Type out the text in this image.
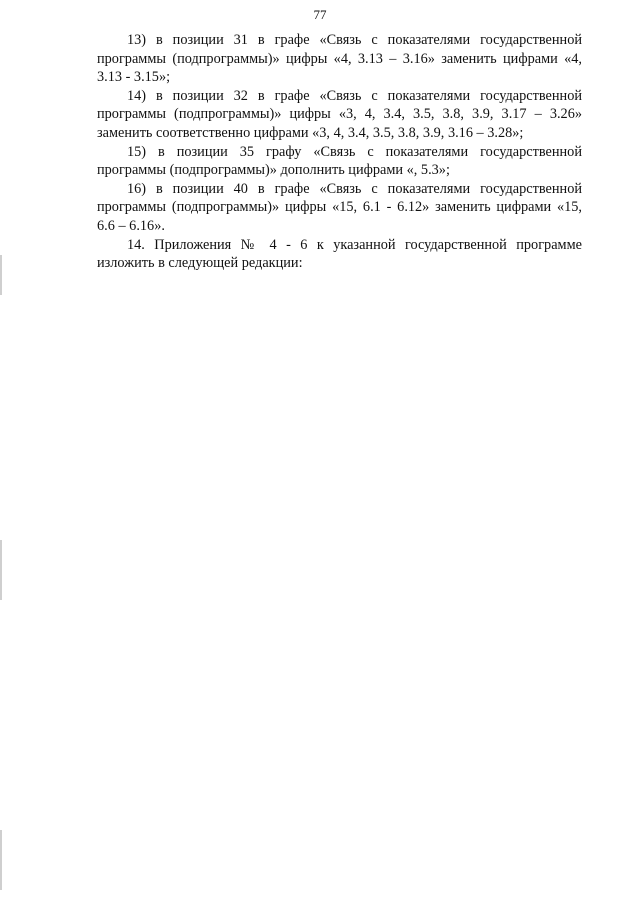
77

13) в позиции 31 в графе «Связь с показателями государственной программы (подпрограммы)» цифры «4, 3.13 – 3.16» заменить цифрами «4, 3.13 - 3.15»;

14) в позиции 32 в графе «Связь с показателями государственной программы (подпрограммы)» цифры «3, 4, 3.4, 3.5, 3.8, 3.9, 3.17 – 3.26» заменить соответственно цифрами «3, 4, 3.4, 3.5, 3.8, 3.9, 3.16 – 3.28»;

15) в позиции 35 графу «Связь с показателями государственной программы (подпрограммы)» дополнить цифрами «, 5.3»;

16) в позиции 40 в графе «Связь с показателями государственной программы (подпрограммы)» цифры «15, 6.1 - 6.12» заменить цифрами «15, 6.6 – 6.16».

14. Приложения № 4 - 6 к указанной государственной программе изложить в следующей редакции:
